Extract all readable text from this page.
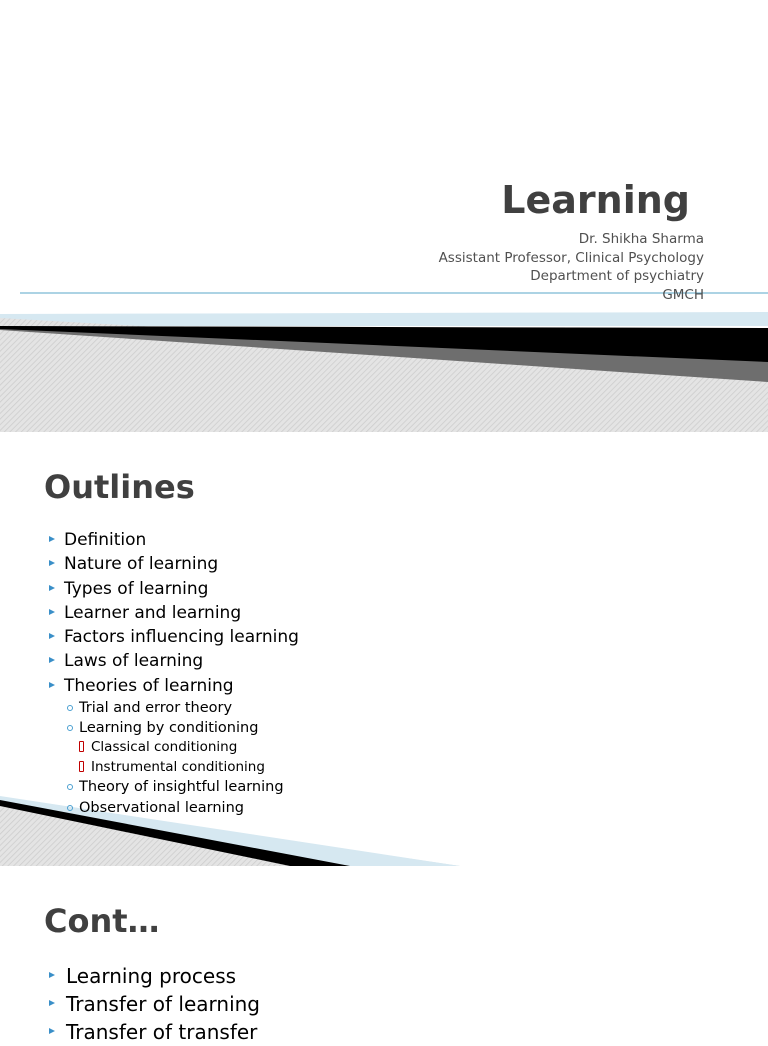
Learning
Dr. Shikha Sharma
Assistant Professor, Clinical Psychology
Department of psychiatry
GMCH
Outlines
Definition
Nature of learning
Types of learning
Learner and learning
Factors influencing learning
Laws of learning
Theories of learning
Trial and error theory
Learning by conditioning
Classical conditioning
Instrumental conditioning
Theory of insightful learning
Observational learning
Cont…
Learning process
Transfer of learning
Transfer of transfer
